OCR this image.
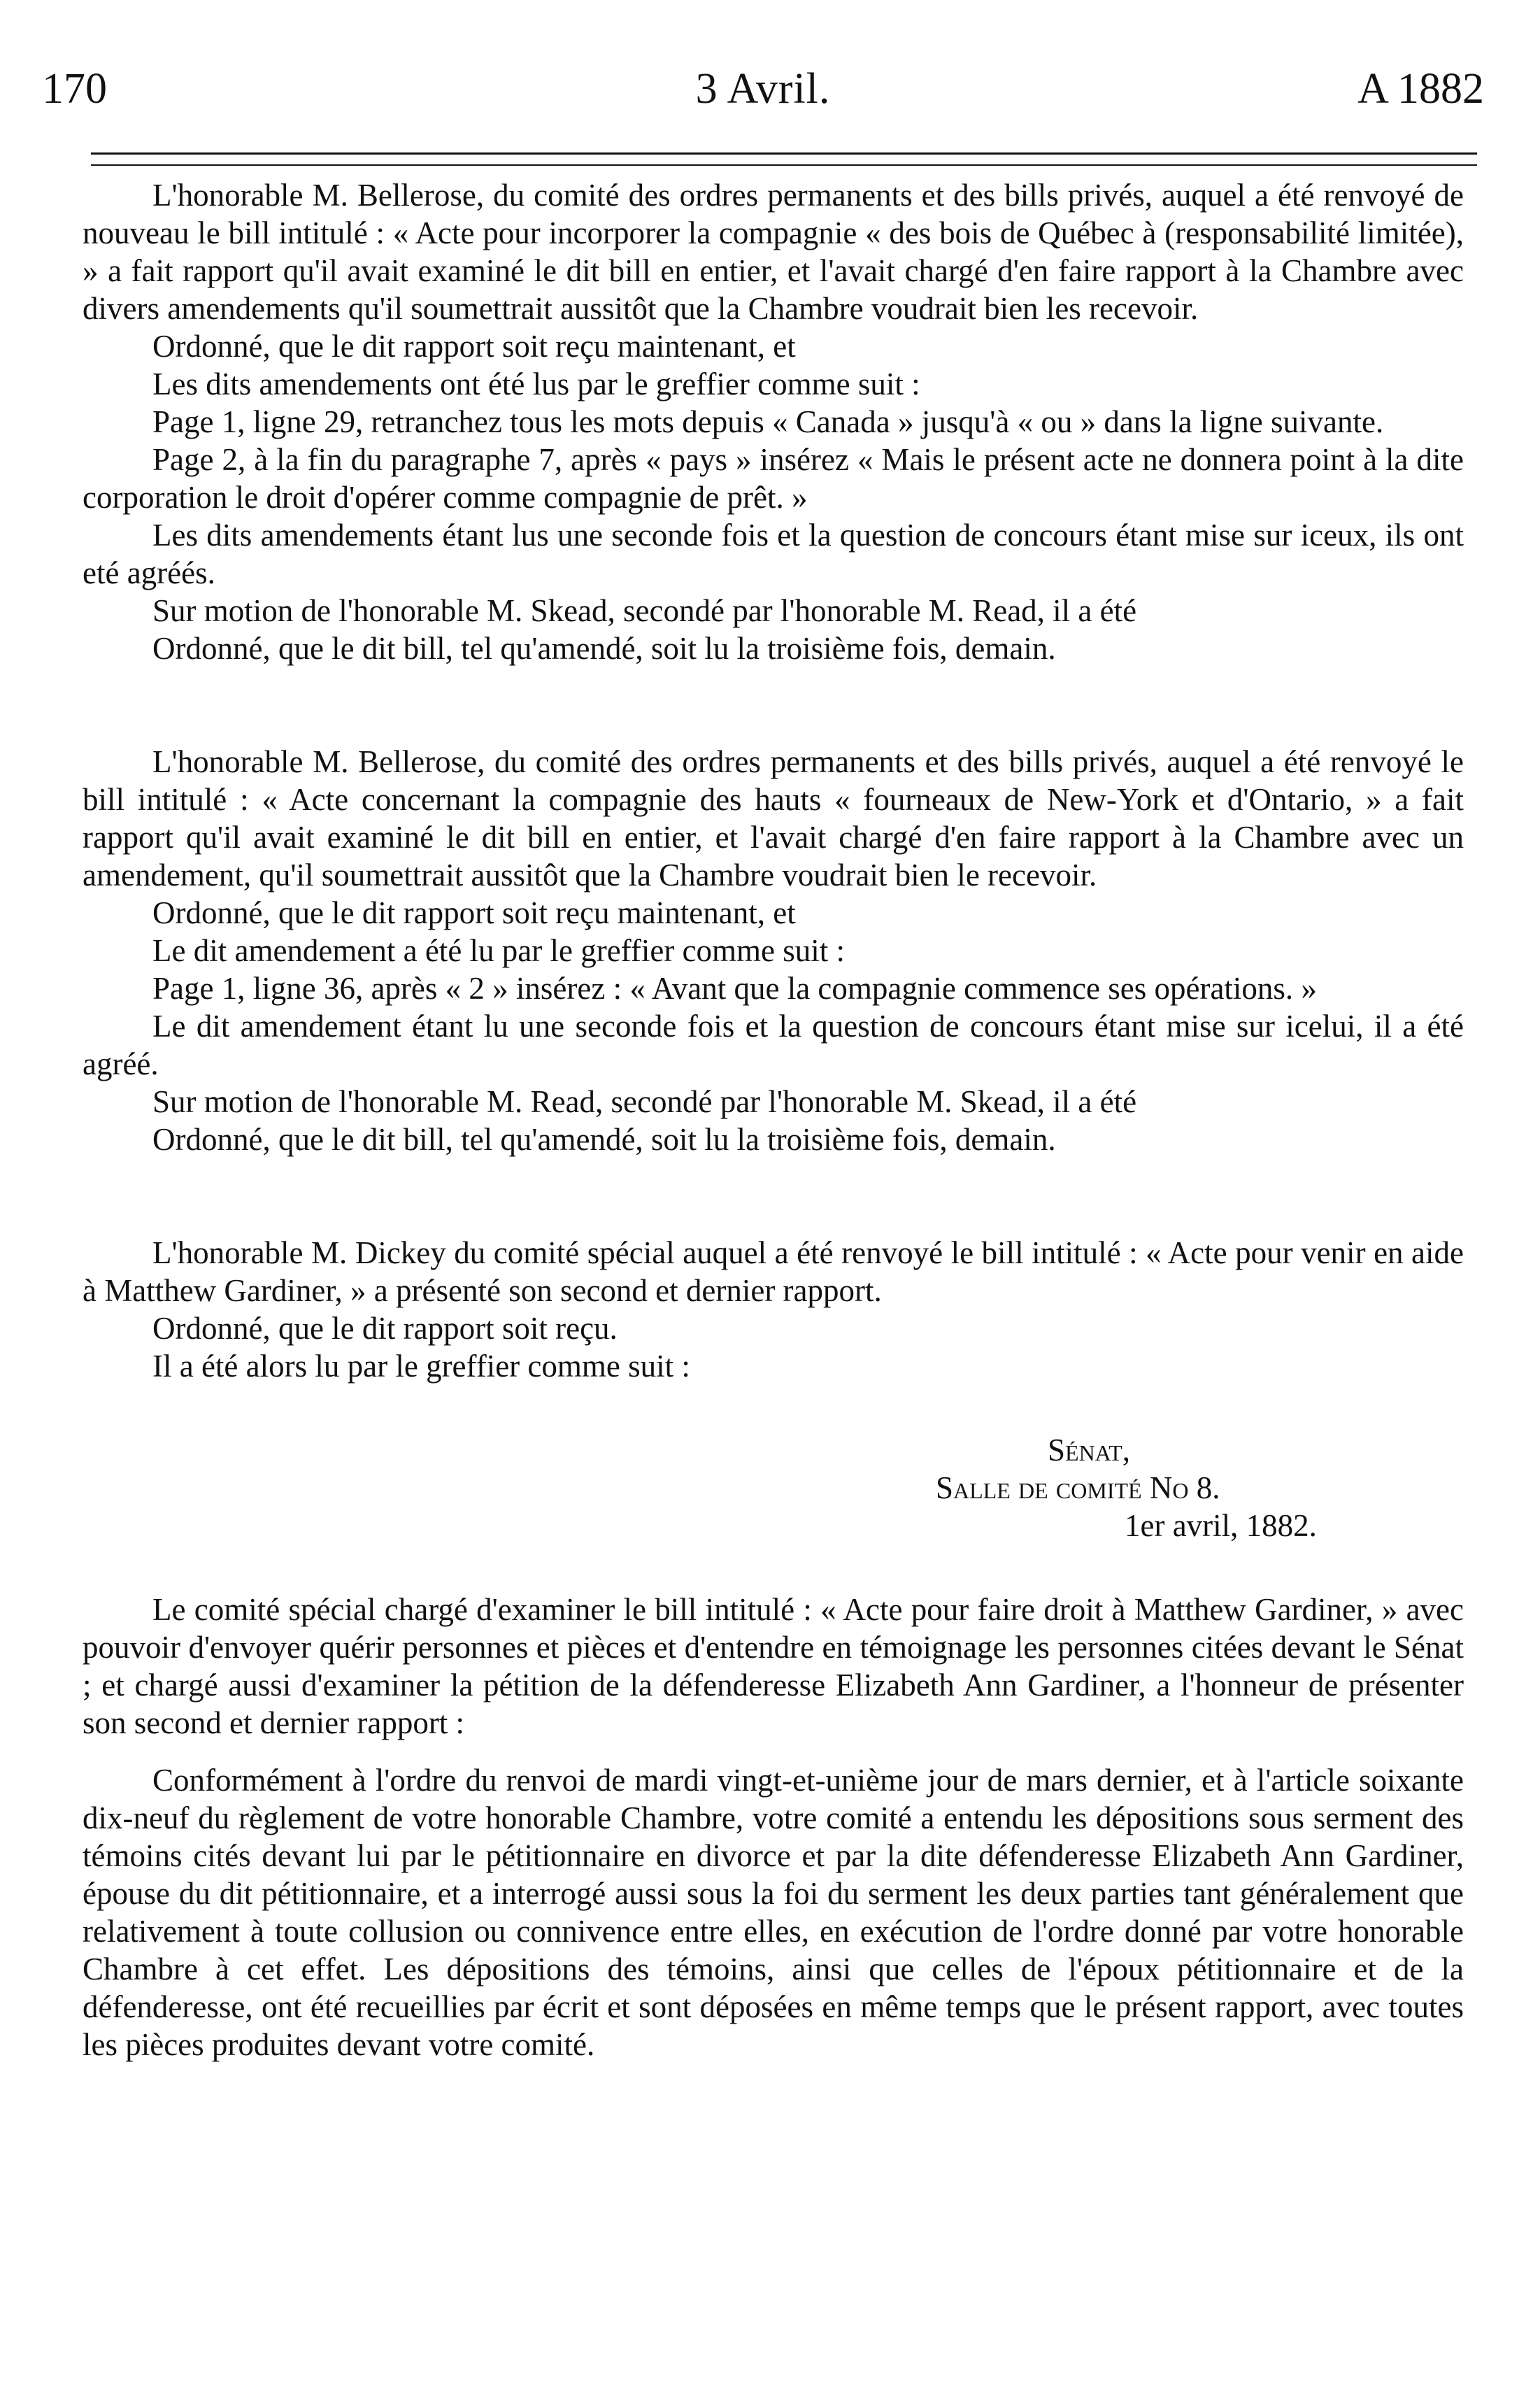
170	3 Avril.	A 1882

L'honorable M. Bellerose, du comité des ordres permanents et des bills privés, auquel a été renvoyé de nouveau le bill intitulé : « Acte pour incorporer la compagnie « des bois de Québec à (responsabilité limitée), » a fait rapport qu'il avait examiné le dit bill en entier, et l'avait chargé d'en faire rapport à la Chambre avec divers amendements qu'il soumettrait aussitôt que la Chambre voudrait bien les recevoir.

Ordonné, que le dit rapport soit reçu maintenant, et

Les dits amendements ont été lus par le greffier comme suit :

Page 1, ligne 29, retranchez tous les mots depuis « Canada » jusqu'à « ou » dans la ligne suivante.

Page 2, à la fin du paragraphe 7, après « pays » insérez « Mais le présent acte ne donnera point à la dite corporation le droit d'opérer comme compagnie de prêt. »

Les dits amendements étant lus une seconde fois et la question de concours étant mise sur iceux, ils ont eté agréés.

Sur motion de l'honorable M. Skead, secondé par l'honorable M. Read, il a été

Ordonné, que le dit bill, tel qu'amendé, soit lu la troisième fois, demain.

L'honorable M. Bellerose, du comité des ordres permanents et des bills privés, auquel a été renvoyé le bill intitulé : « Acte concernant la compagnie des hauts « fourneaux de New-York et d'Ontario, » a fait rapport qu'il avait examiné le dit bill en entier, et l'avait chargé d'en faire rapport à la Chambre avec un amendement, qu'il soumettrait aussitôt que la Chambre voudrait bien le recevoir.

Ordonné, que le dit rapport soit reçu maintenant, et

Le dit amendement a été lu par le greffier comme suit :

Page 1, ligne 36, après « 2 » insérez : « Avant que la compagnie commence ses opérations. »

Le dit amendement étant lu une seconde fois et la question de concours étant mise sur icelui, il a été agréé.

Sur motion de l'honorable M. Read, secondé par l'honorable M. Skead, il a été

Ordonné, que le dit bill, tel qu'amendé, soit lu la troisième fois, demain.

L'honorable M. Dickey du comité spécial auquel a été renvoyé le bill intitulé : « Acte pour venir en aide à Matthew Gardiner, » a présenté son second et dernier rapport.

Ordonné, que le dit rapport soit reçu.

Il a été alors lu par le greffier comme suit :

Sénat,
Salle de comité No 8.
1er avril, 1882.

Le comité spécial chargé d'examiner le bill intitulé : « Acte pour faire droit à Matthew Gardiner, » avec pouvoir d'envoyer quérir personnes et pièces et d'entendre en témoignage les personnes citées devant le Sénat ; et chargé aussi d'examiner la pétition de la défenderesse Elizabeth Ann Gardiner, a l'honneur de présenter son second et dernier rapport :

Conformément à l'ordre du renvoi de mardi vingt-et-unième jour de mars dernier, et à l'article soixante dix-neuf du règlement de votre honorable Chambre, votre comité a entendu les dépositions sous serment des témoins cités devant lui par le pétitionnaire en divorce et par la dite défenderesse Elizabeth Ann Gardiner, épouse du dit pétitionnaire, et a interrogé aussi sous la foi du serment les deux parties tant généralement que relativement à toute collusion ou connivence entre elles, en exécution de l'ordre donné par votre honorable Chambre à cet effet. Les dépositions des témoins, ainsi que celles de l'époux pétitionnaire et de la défenderesse, ont été recueillies par écrit et sont déposées en même temps que le présent rapport, avec toutes les pièces produites devant votre comité.
